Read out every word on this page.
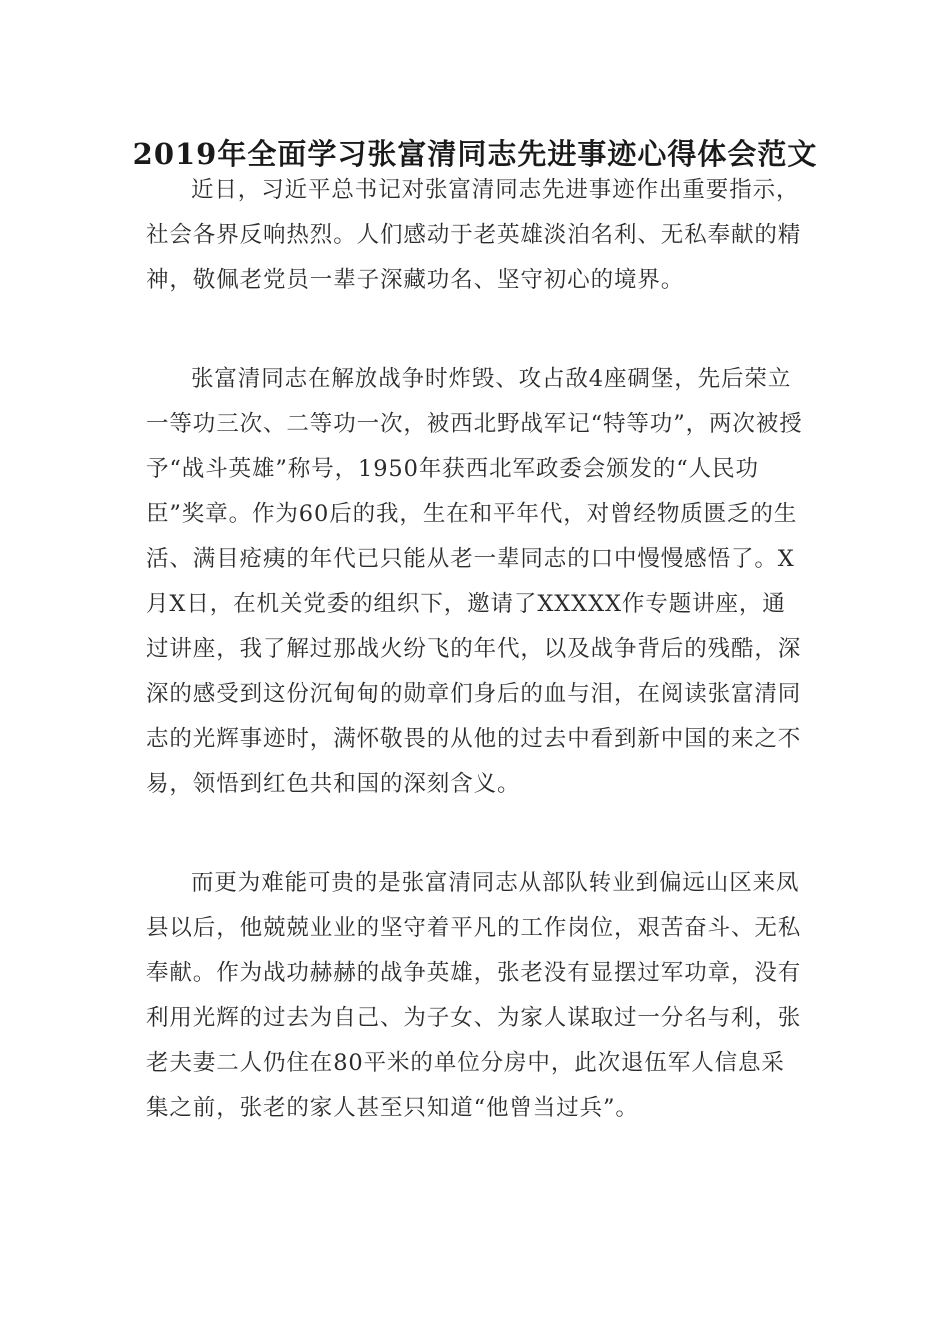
2019年全面学习张富清同志先进事迹心得体会范文

近日，习近平总书记对张富清同志先进事迹作出重要指示，社会各界反响热烈。人们感动于老英雄淡泊名利、无私奉献的精神，敬佩老党员一辈子深藏功名、坚守初心的境界。

张富清同志在解放战争时炸毁、攻占敌4座碉堡，先后荣立一等功三次、二等功一次，被西北野战军记“特等功”，两次被授予“战斗英雄”称号，1950年获西北军政委会颁发的“人民功臣”奖章。作为60后的我，生在和平年代，对曾经物质匮乏的生活、满目疮痍的年代已只能从老一辈同志的口中慢慢感悟了。X月X日，在机关党委的组织下，邀请了XXXXX作专题讲座，通过讲座，我了解过那战火纷飞的年代，以及战争背后的残酷，深深的感受到这份沉甸甸的勋章们身后的血与泪，在阅读张富清同志的光辉事迹时，满怀敬畏的从他的过去中看到新中国的来之不易，领悟到红色共和国的深刻含义。

而更为难能可贵的是张富清同志从部队转业到偏远山区来凤县以后，他兢兢业业的坚守着平凡的工作岗位，艰苦奋斗、无私奉献。作为战功赫赫的战争英雄，张老没有显摆过军功章，没有利用光辉的过去为自己、为子女、为家人谋取过一分名与利，张老夫妻二人仍住在80平米的单位分房中，此次退伍军人信息采集之前，张老的家人甚至只知道“他曾当过兵”。
